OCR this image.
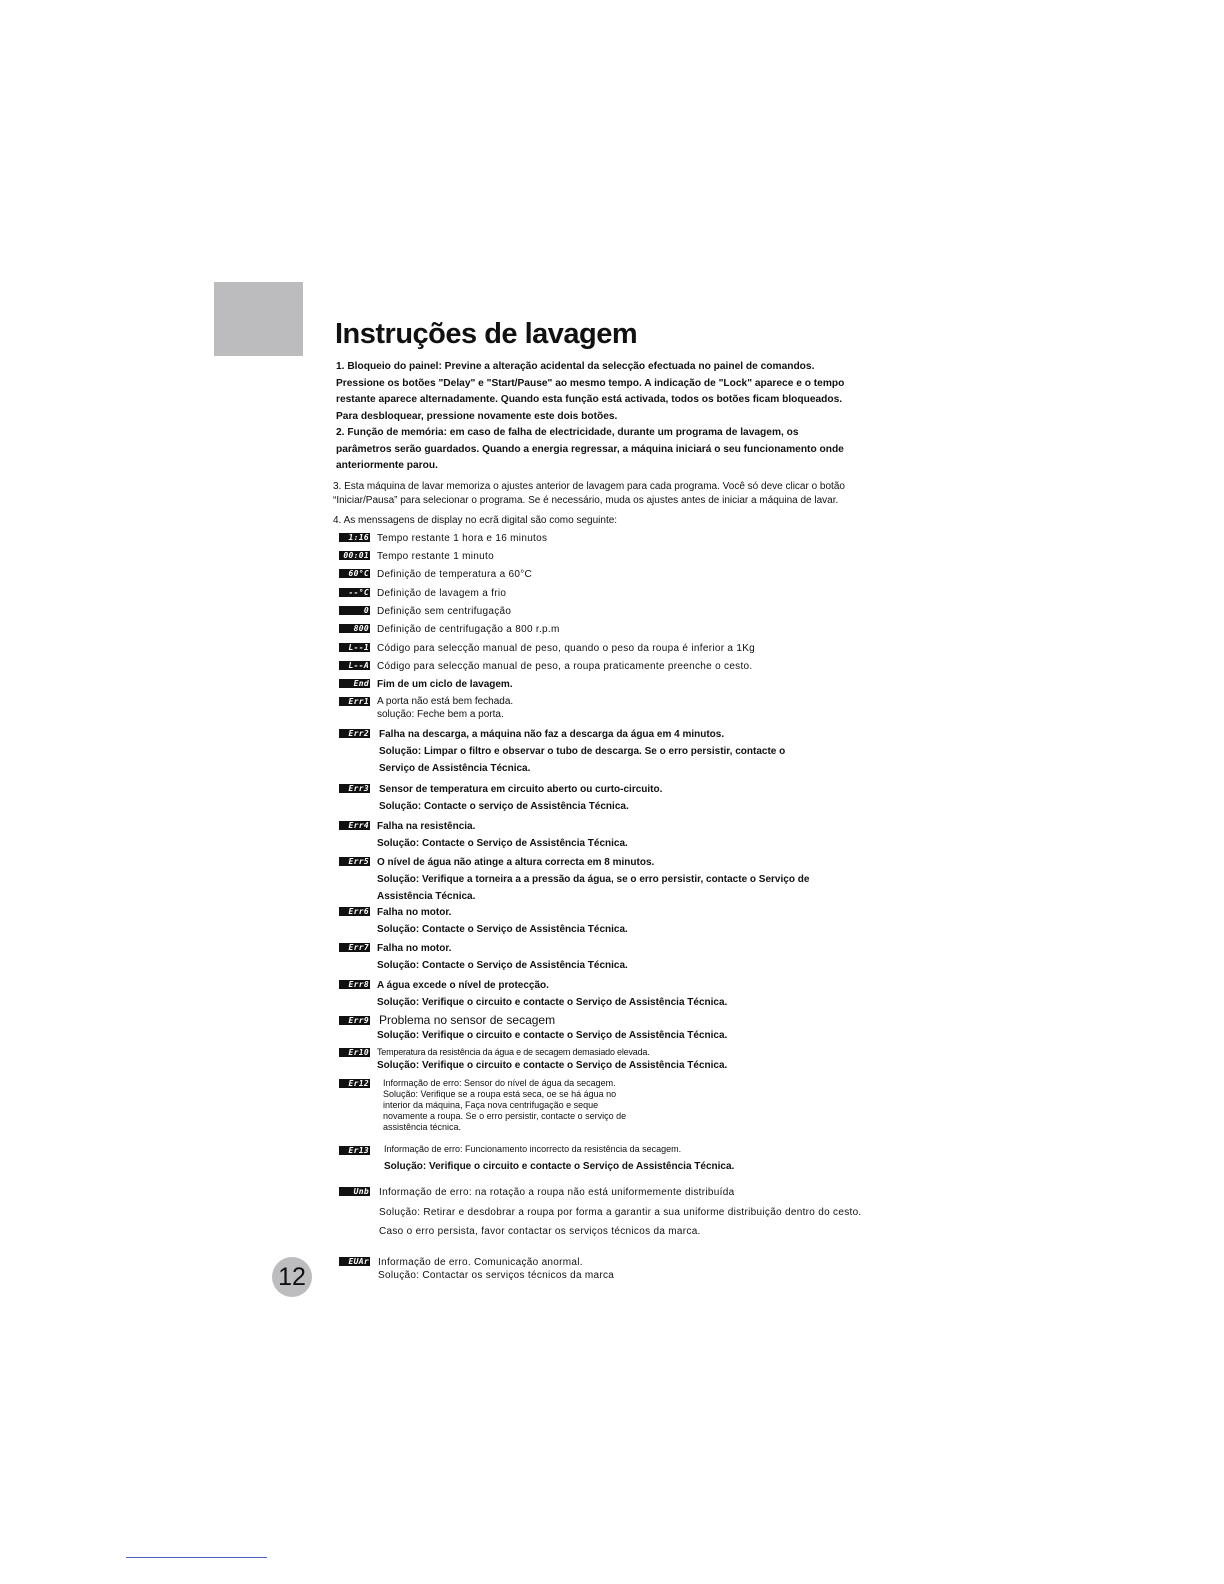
Instruções de lavagem
1. Bloqueio do painel: Previne a alteração acidental da selecção efectuada no painel de comandos.
Pressione os botões "Delay" e "Start/Pause" ao mesmo tempo. A indicação de "Lock" aparece e o tempo
restante aparece alternadamente. Quando esta função está activada, todos os botões ficam bloqueados.
Para desbloquear, pressione novamente este dois botões.
2. Função de memória: em caso de falha de electricidade, durante um programa de lavagem, os
parâmetros serão guardados. Quando a energia regressar, a máquina iniciará o seu funcionamento onde
anteriormente parou.
3. Esta máquina de lavar memoriza o ajustes anterior de lavagem para cada programa. Você só deve clicar o botão
“Iniciar/Pausa” para selecionar o programa. Se é necessário, muda os ajustes antes de iniciar a máquina de lavar.

4. As menssagens de display no ecrã digital são como seguinte:

1:16 Tempo restante 1 hora e 16 minutos
00:01 Tempo restante 1 minuto
60°C Definição de temperatura a 60°C
--°C Definição de lavagem a frio
0 Definição sem centrifugação
800 Definição de centrifugação a 800 r.p.m
L--1 Código para selecção manual de peso, quando o peso da roupa é inferior a 1Kg
L--A Código para selecção manual de peso, a roupa praticamente preenche o cesto.
End Fim de um ciclo de lavagem.
Err1 A porta não está bem fechada.
solução: Feche bem a porta.
Err2 Falha na descarga, a máquina não faz a descarga da água em 4 minutos.
Solução: Limpar o filtro e observar o tubo de descarga. Se o erro persistir, contacte o
Serviço de Assistência Técnica.
Err3 Sensor de temperatura em circuito aberto ou curto-circuito.
Solução: Contacte o serviço de Assistência Técnica.
Err4 Falha na resistência.
Solução: Contacte o Serviço de Assistência Técnica.
Err5 O nível de água não atinge a altura correcta em 8 minutos.
Solução: Verifique a torneira a a pressão da água, se o erro persistir, contacte o Serviço de
Assistência Técnica.
Err6 Falha no motor.
Solução: Contacte o Serviço de Assistência Técnica.
Err7 Falha no motor.
Solução: Contacte o Serviço de Assistência Técnica.
Err8 A água excede o nível de protecção.
Solução: Verifique o circuito e contacte o Serviço de Assistência Técnica.
Err9 Problema no sensor de secagem
Solução: Verifique o circuito e contacte o Serviço de Assistência Técnica.
Er10 Temperatura da resistência da água e de secagem demasiado elevada.
Solução: Verifique o circuito e contacte o Serviço de Assistência Técnica.
Er12 Informação de erro: Sensor do nível de água da secagem.
Solução: Verifique se a roupa está seca, oe se há água no
interior da máquina, Faça nova centrifugação e seque
novamente a roupa. Se o erro persistir, contacte o serviço de
assistência técnica.
Er13 Informação de erro: Funcionamento incorrecto da resistência da secagem.
Solução: Verifique o circuito e contacte o Serviço de Assistência Técnica.
Unb Informação de erro: na rotação a roupa não está uniformemente distribuída
Solução: Retirar e desdobrar a roupa por forma a garantir a sua uniforme distribuição dentro do cesto.
Caso o erro persista, favor contactar os serviços técnicos da marca.
EUAr Informação de erro. Comunicação anormal.
Solução: Contactar os serviços técnicos da marca
12
